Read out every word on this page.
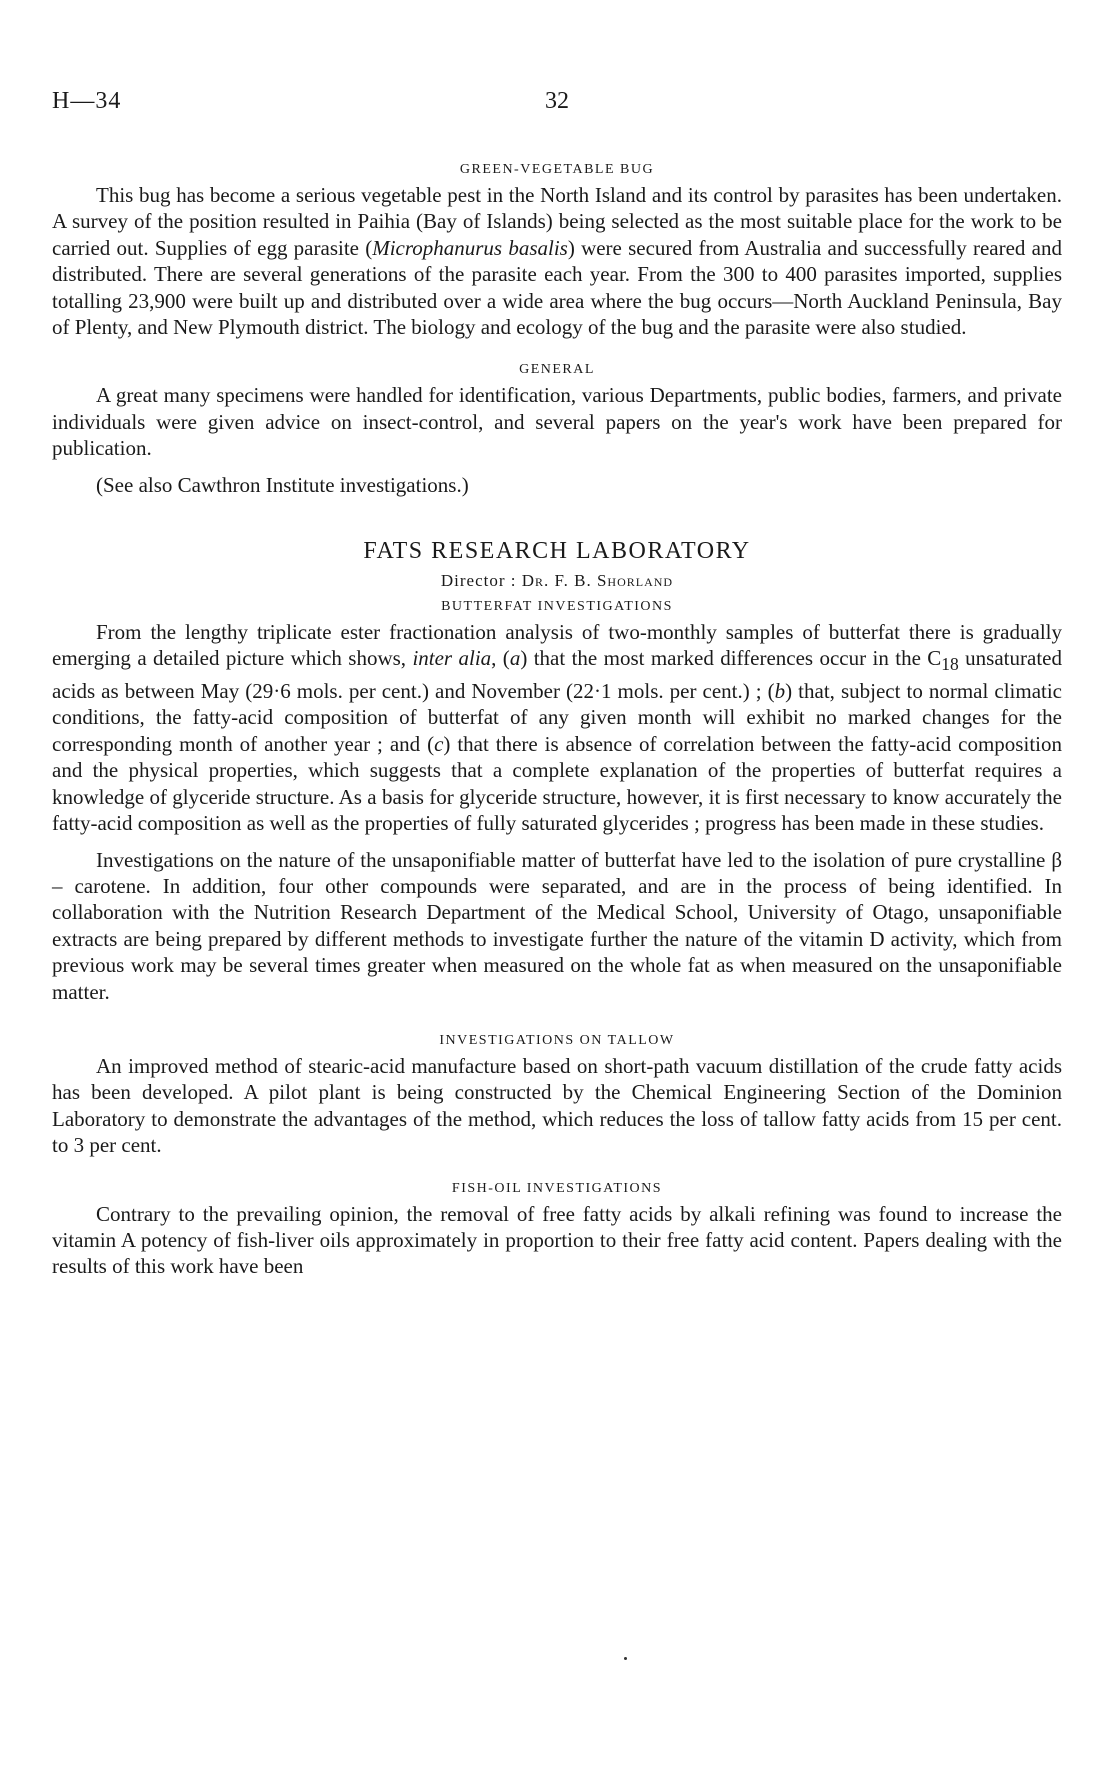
H—34	32
GREEN-VEGETABLE BUG

This bug has become a serious vegetable pest in the North Island and its control by parasites has been undertaken. A survey of the position resulted in Paihia (Bay of Islands) being selected as the most suitable place for the work to be carried out. Supplies of egg parasite (Microphanurus basalis) were secured from Australia and successfully reared and distributed. There are several generations of the parasite each year. From the 300 to 400 parasites imported, supplies totalling 23,900 were built up and distributed over a wide area where the bug occurs—North Auckland Peninsula, Bay of Plenty, and New Plymouth district. The biology and ecology of the bug and the parasite were also studied.

GENERAL

A great many specimens were handled for identification, various Departments, public bodies, farmers, and private individuals were given advice on insect-control, and several papers on the year's work have been prepared for publication.

(See also Cawthron Institute investigations.)

FATS RESEARCH LABORATORY
Director : Dr. F. B. Shorland
BUTTERFAT INVESTIGATIONS

From the lengthy triplicate ester fractionation analysis of two-monthly samples of butterfat there is gradually emerging a detailed picture which shows, inter alia, (a) that the most marked differences occur in the $C_{18}$ unsaturated acids as between May (29·6 mols. per cent.) and November (22·1 mols. per cent.) ; (b) that, subject to normal climatic conditions, the fatty-acid composition of butterfat of any given month will exhibit no marked changes for the corresponding month of another year ; and (c) that there is absence of correlation between the fatty-acid composition and the physical properties, which suggests that a complete explanation of the properties of butterfat requires a knowledge of glyceride structure. As a basis for glyceride structure, however, it is first necessary to know accurately the fatty-acid composition as well as the properties of fully saturated glycerides ; progress has been made in these studies.

Investigations on the nature of the unsaponifiable matter of butterfat have led to the isolation of pure crystalline β – carotene. In addition, four other compounds were separated, and are in the process of being identified. In collaboration with the Nutrition Research Department of the Medical School, University of Otago, unsaponifiable extracts are being prepared by different methods to investigate further the nature of the vitamin D activity, which from previous work may be several times greater when measured on the whole fat as when measured on the unsaponifiable matter.

INVESTIGATIONS ON TALLOW

An improved method of stearic-acid manufacture based on short-path vacuum distillation of the crude fatty acids has been developed. A pilot plant is being constructed by the Chemical Engineering Section of the Dominion Laboratory to demonstrate the advantages of the method, which reduces the loss of tallow fatty acids from 15 per cent. to 3 per cent.

FISH-OIL INVESTIGATIONS

Contrary to the prevailing opinion, the removal of free fatty acids by alkali refining was found to increase the vitamin A potency of fish-liver oils approximately in proportion to their free fatty acid content. Papers dealing with the results of this work have been
